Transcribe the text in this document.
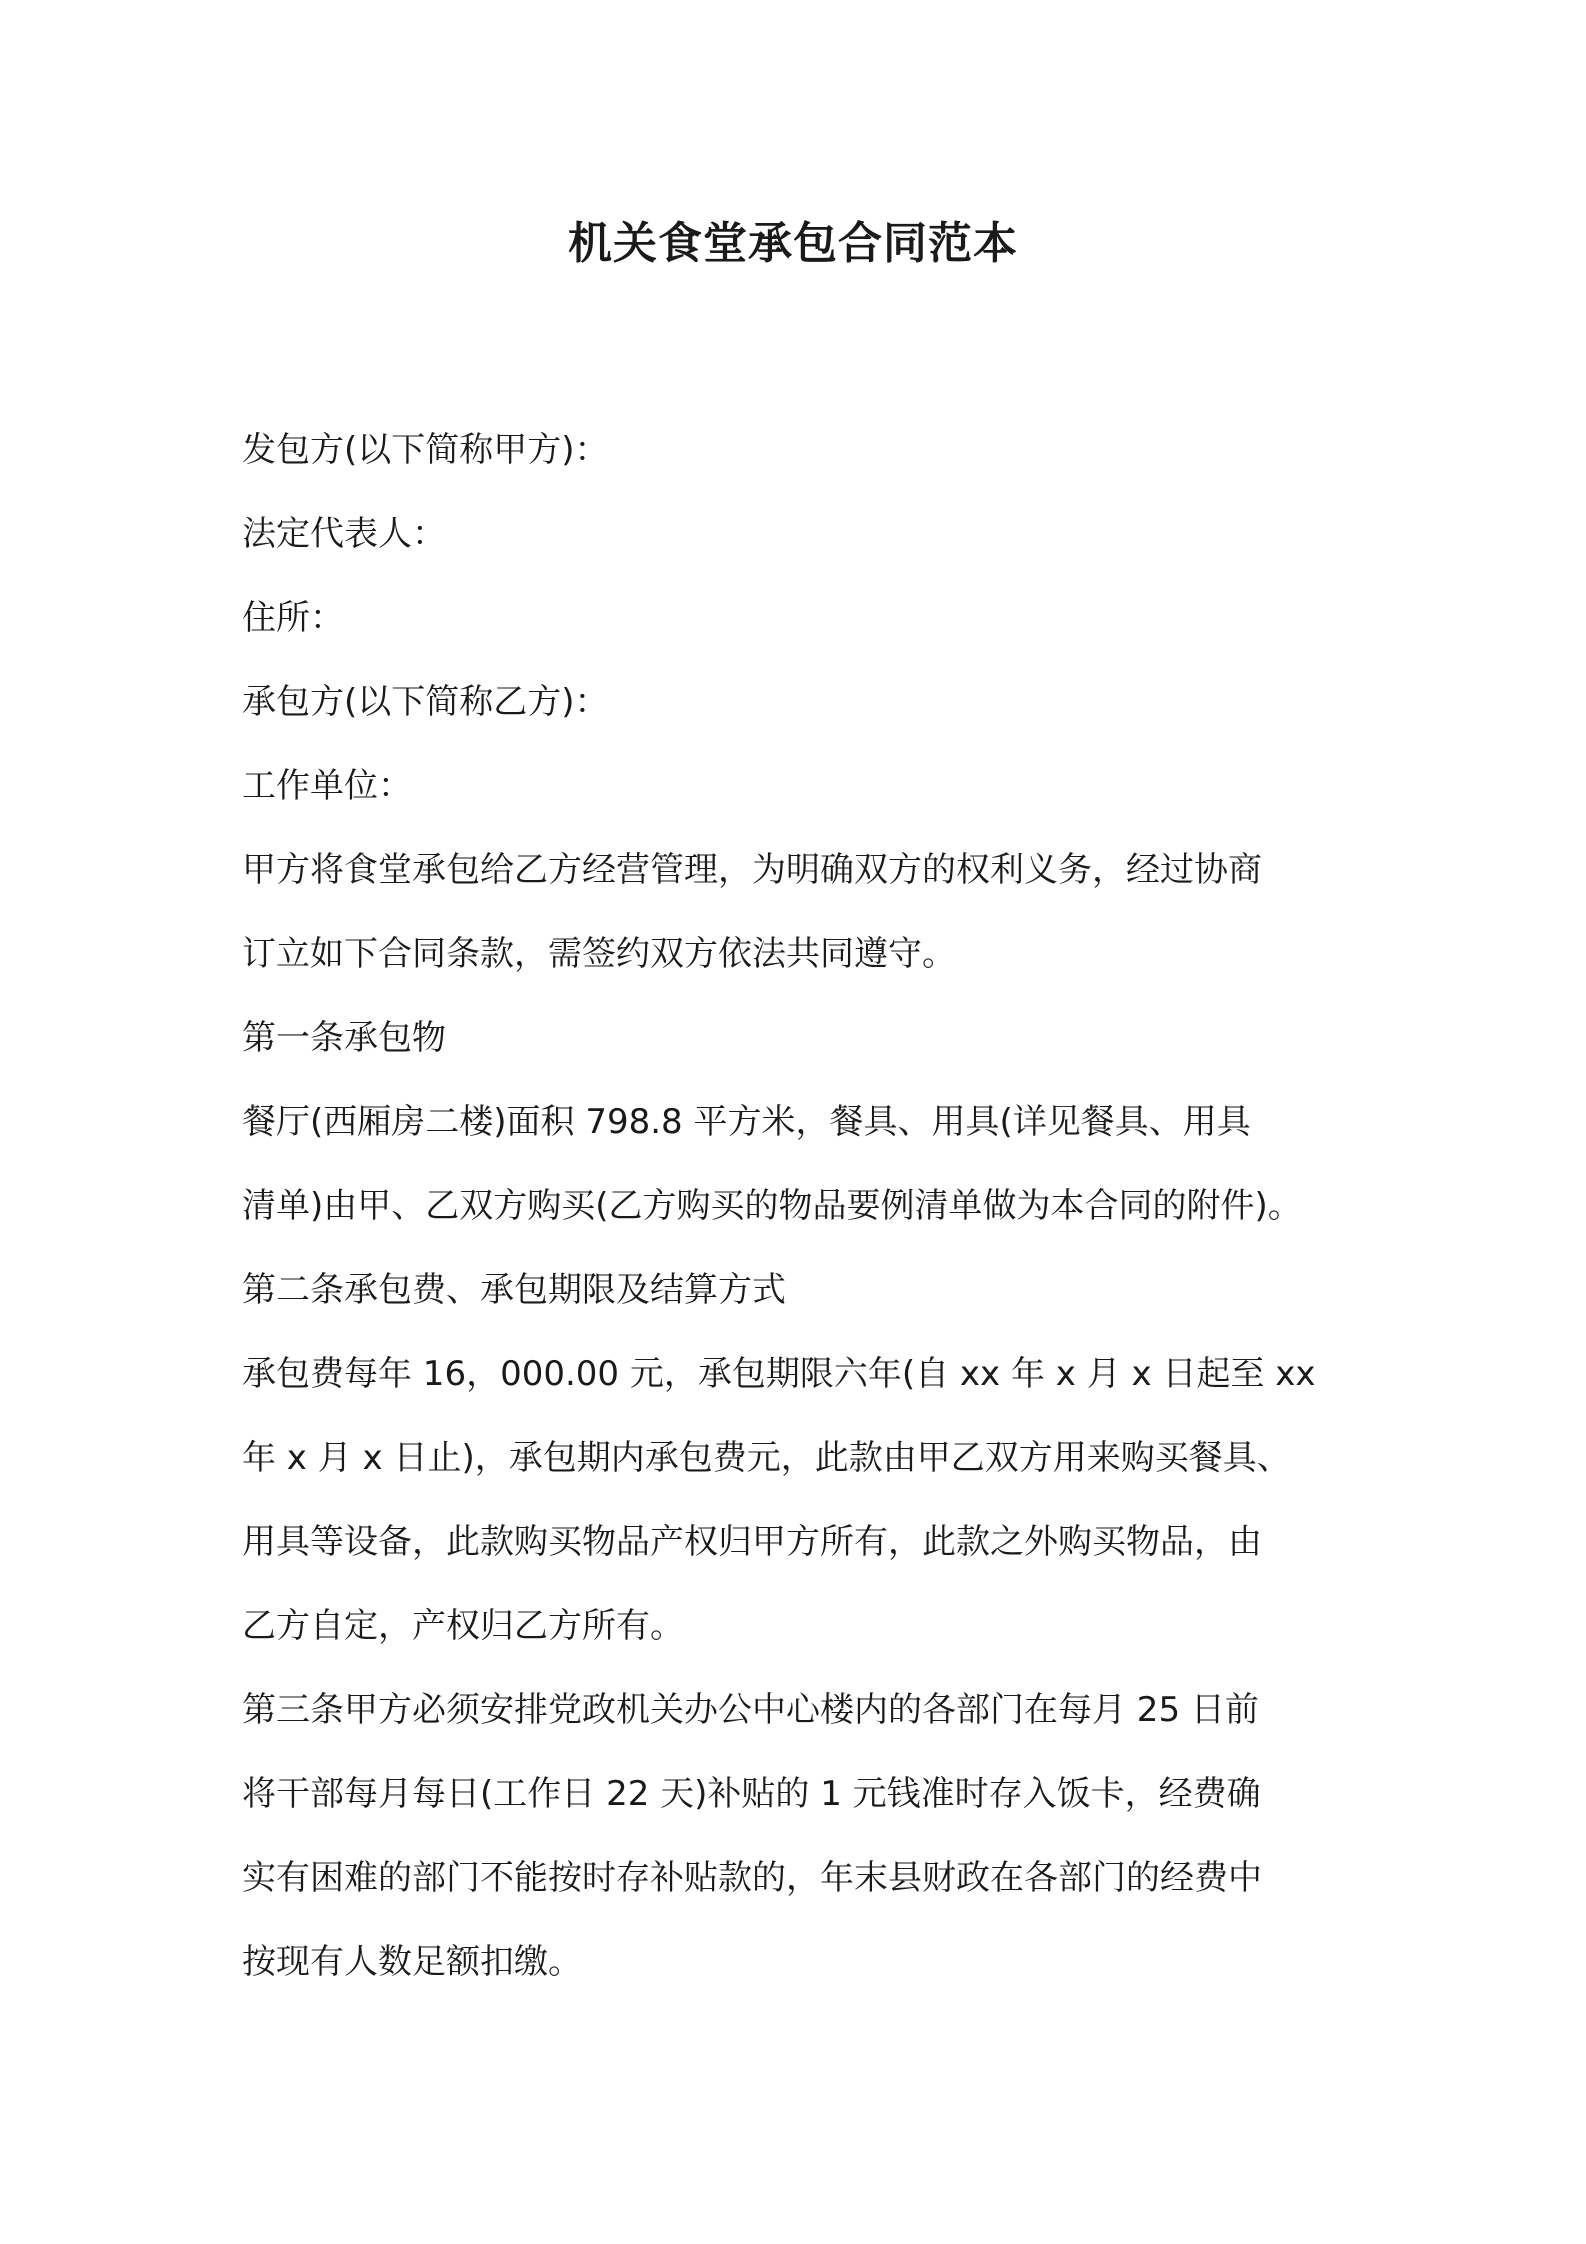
机关食堂承包合同范本

发包方(以下简称甲方)：

法定代表人：

住所：

承包方(以下简称乙方)：

工作单位：

甲方将食堂承包给乙方经营管理，为明确双方的权利义务，经过协商

订立如下合同条款，需签约双方依法共同遵守。

第一条承包物

餐厅(西厢房二楼)面积 798.8 平方米，餐具、用具(详见餐具、用具

清单)由甲、乙双方购买(乙方购买的物品要例清单做为本合同的附件)。

第二条承包费、承包期限及结算方式

承包费每年 16，000.00 元，承包期限六年(自 xx 年 x 月 x 日起至 xx

年 x 月 x 日止)，承包期内承包费元，此款由甲乙双方用来购买餐具、

用具等设备，此款购买物品产权归甲方所有，此款之外购买物品，由

乙方自定，产权归乙方所有。

第三条甲方必须安排党政机关办公中心楼内的各部门在每月 25 日前

将干部每月每日(工作日 22 天)补贴的 1 元钱准时存入饭卡，经费确

实有困难的部门不能按时存补贴款的，年末县财政在各部门的经费中

按现有人数足额扣缴。
